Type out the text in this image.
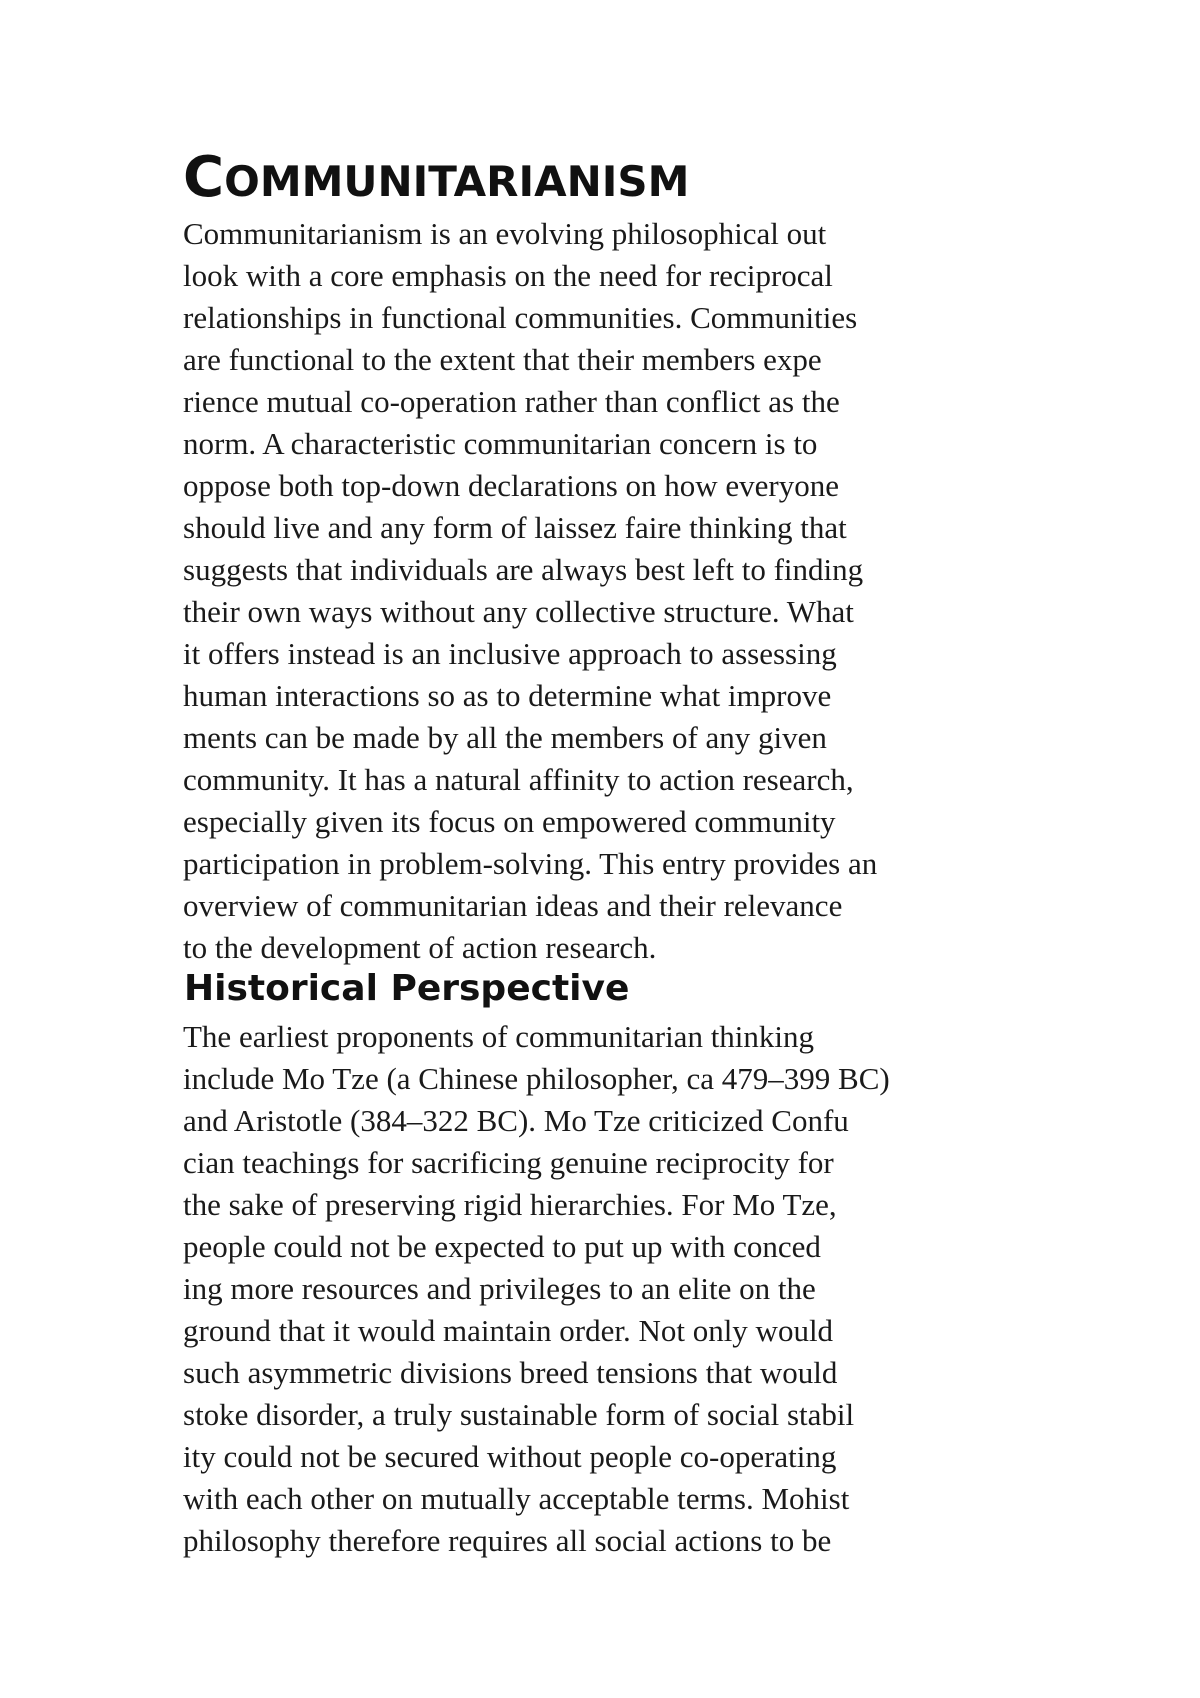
COMMUNITARIANISM
Communitarianism is an evolving philosophical out
look with a core emphasis on the need for reciprocal
relationships in functional communities. Communities
are functional to the extent that their members expe
rience mutual co-operation rather than conflict as the
norm. A characteristic communitarian concern is to
oppose both top-down declarations on how everyone
should live and any form of laissez faire thinking that
suggests that individuals are always best left to finding
their own ways without any collective structure. What
it offers instead is an inclusive approach to assessing
human interactions so as to determine what improve
ments can be made by all the members of any given
community. It has a natural affinity to action research,
especially given its focus on empowered community
participation in problem-solving. This entry provides an
overview of communitarian ideas and their relevance
to the development of action research.
Historical Perspective
The earliest proponents of communitarian thinking
include Mo Tze (a Chinese philosopher, ca 479–399 BC)
and Aristotle (384–322 BC). Mo Tze criticized Confu
cian teachings for sacrificing genuine reciprocity for
the sake of preserving rigid hierarchies. For Mo Tze,
people could not be expected to put up with conced
ing more resources and privileges to an elite on the
ground that it would maintain order. Not only would
such asymmetric divisions breed tensions that would
stoke disorder, a truly sustainable form of social stabil
ity could not be secured without people co-operating
with each other on mutually acceptable terms. Mohist
philosophy therefore requires all social actions to be
